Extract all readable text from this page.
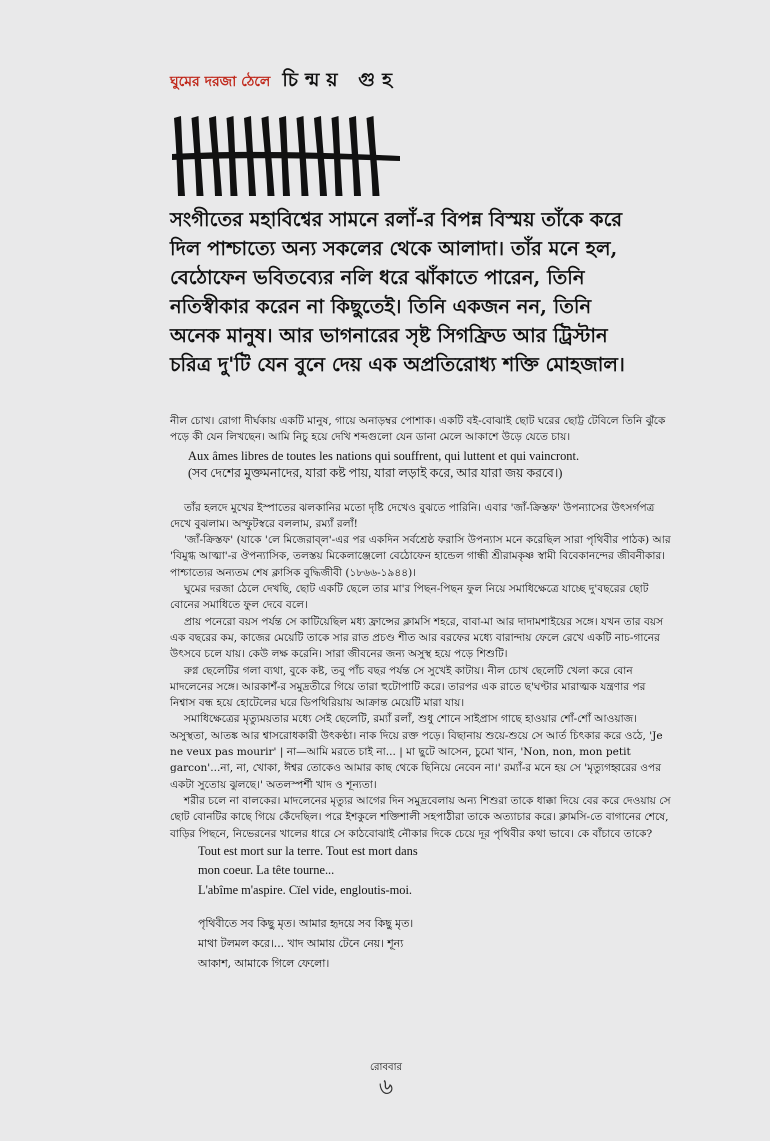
ঘুমের দরজা ঠেলে চিন্ময় গুহ

সংগীতের মহাবিশ্বের সামনে রলাঁ-র বিপন্ন বিস্ময় তাঁকে করে

দিল পাশ্চাত্যে অন্য সকলের থেকে আলাদা। তাঁর মনে হল,

বেঠোফেন ভবিতব্যের নলি ধরে ঝাঁকাতে পারেন, তিনি

নতিস্বীকার করেন না কিছুতেই। তিনি একজন নন, তিনি

অনেক মানুষ। আর ভাগনারের সৃষ্ট সিগফ্রিড আর ট্রিস্টান

চরিত্র দু'টি যেন বুনে দেয় এক অপ্রতিরোধ্য শক্তি মোহজাল।

নীল চোখ। রোগা দীর্ঘকায় একটি মানুষ, গায়ে অনাড়ম্বর পোশাক। একটি বই-বোঝাই ছোট ঘরের ছোট্ট টেবিলে তিনি ঝুঁকে পড়ে কী যেন লিখছেন। আমি নিচু হয়ে দেখি শব্দগুলো যেন ডানা মেলে আকাশে উড়ে যেতে চায়।

Aux âmes libres de toutes les nations qui souffrent, qui luttent et qui vaincront.

(সব দেশের মুক্তমনাদের, যারা কষ্ট পায়, যারা লড়াই করে, আর যারা জয় করবে।)

তাঁর হলদে মুখের ইস্পাতের ঝলকানির মতো দৃষ্টি দেখেও বুঝতে পারিনি। এবার 'জাঁ-ক্রিস্তফ' উপন্যাসের উৎসর্গপত্র দেখে বুঝলাম। অস্ফুটস্বরে বললাম, রম্যাঁ রলাঁ!

'জাঁ-ক্রিস্তফ' (যাকে 'লে মিজেরাব্‌ল'-এর পর একদিন সর্বশ্রেষ্ঠ ফরাসি উপন্যাস মনে করেছিল সারা পৃথিবীর পাঠক) আর 'বিমুগ্ধ আত্মা'-র ঔপন্যাসিক, তলস্তয় মিকেলাঞ্জেলো বেঠোফেন হান্ডেল গান্ধী শ্রীরামকৃষ্ণ স্বামী বিবেকানন্দের জীবনীকার। পাশ্চাত্যের অন্যতম শেষ ক্লাসিক বুদ্ধিজীবী (১৮৬৬-১৯৪৪)।

ঘুমের দরজা ঠেলে দেখছি, ছোট একটি ছেলে তার মা'র পিছন-পিছন ফুল নিয়ে সমাধিক্ষেত্রে যাচ্ছে দু'বছরের ছোট বোনের সমাধিতে ফুল দেবে বলে।

প্রায় পনেরো বয়স পর্যন্ত সে কাটিয়েছিল মধ্য ফ্রান্সের ক্লামসি শহরে, বাবা-মা আর দাদামশাইয়ের সঙ্গে। যখন তার বয়স এক বছরের কম, কাজের মেয়েটি তাকে সার রাত প্রচণ্ড শীত আর বরফের মধ্যে বারান্দায় ফেলে রেখে একটি নাচ-গানের উৎসবে চলে যায়। কেউ লক্ষ করেনি। সারা জীবনের জন্য অসুস্থ হয়ে পড়ে শিশুটি।

রুগ্ন ছেলেটির গলা ব্যথা, বুকে কষ্ট, তবু পাঁচ বছর পর্যন্ত সে সুখেই কাটায়। নীল চোখ ছেলেটি খেলা করে বোন মাদলেনের সঙ্গে। আরকাশঁ-র সমুদ্রতীরে গিয়ে তারা হুটোপাটি করে। তারপর এক রাতে ছ'ঘণ্টার মারাত্মক যন্ত্রণার পর নিশ্বাস বন্ধ হয়ে হোটেলের ঘরে ডিপথিরিয়ায় আক্রান্ত মেয়েটি মারা যায়।

সমাধিক্ষেত্রের মৃত্যুময়তার মধ্যে সেই ছেলেটি, রম্যাঁ রলাঁ, শুধু শোনে সাইপ্রাস গাছে হাওয়ার শোঁ-শোঁ আওয়াজ। অসুস্থতা, আতঙ্ক আর শ্বাসরোধকারী উৎকণ্ঠা। নাক দিয়ে রক্ত পড়ে। বিছানায় শুয়ে-শুয়ে সে আর্ত চিৎকার করে ওঠে, 'Je ne veux pas mourir' | না—আমি মরতে চাই না... | মা ছুটে আসেন, চুমো খান, 'Non, non, mon petit garcon'...না, না, খোকা, ঈশ্বর তোকেও আমার কাছ থেকে ছিনিয়ে নেবেন না।' রম্যাঁ-র মনে হয় সে 'মৃত্যুগহ্বরের ওপর একটা সুতোয় ঝুলছে।' অতলস্পর্শী খাদ ও শূন্যতা।

শরীর চলে না বালকের। মাদলেনের মৃত্যুর আগের দিন সমুদ্রবেলায় অন্য শিশুরা তাকে ধাক্কা দিয়ে বের করে দেওয়ায় সে ছোট বোনটির কাছে গিয়ে কেঁদেছিল। পরে ইশকুলে শক্তিশালী সহপাঠীরা তাকে অত্যাচার করে। ক্লামসি-তে বাগানের শেষে, বাড়ির পিছনে, নিভেরনের খালের ধারে সে কাঠবোঝাই নৌকার দিকে চেয়ে দূর পৃথিবীর কথা ভাবে। কে বাঁচাবে তাকে?

Tout est mort sur la terre. Tout est mort dans
mon coeur. La tête tourne...
L'abîme m'aspire. Cïel vide, engloutis-moi.
পৃথিবীতে সব কিছু মৃত। আমার হৃদয়ে সব কিছু মৃত।
মাথা টলমল করে।... খাদ আমায় টেনে নেয়। শূন্য
আকাশ, আমাকে গিলে ফেলো।
রোববার
৬
